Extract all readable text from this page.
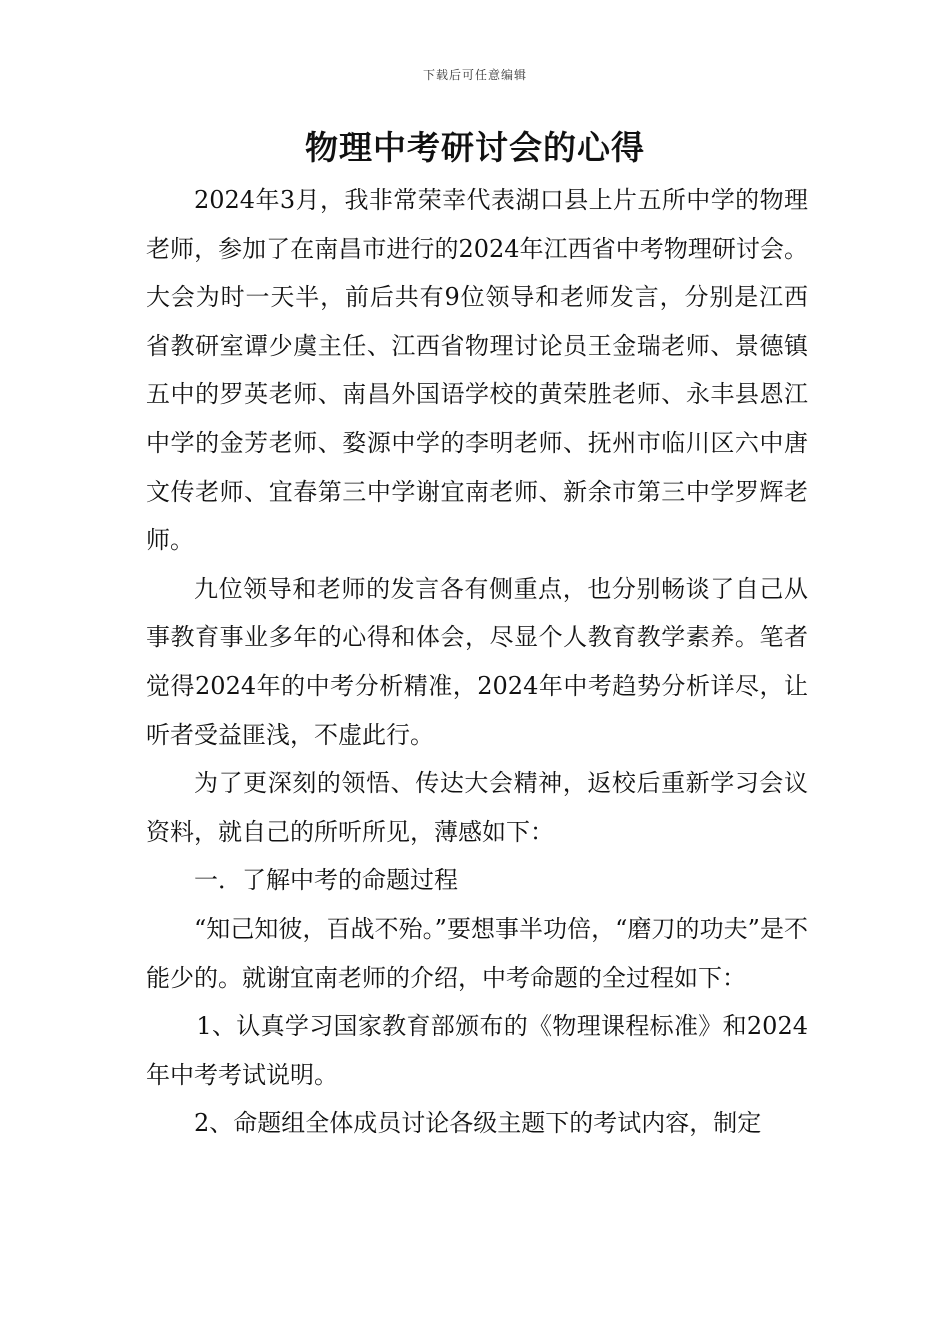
下载后可任意编辑
物理中考研讨会的心得

2024年3月，我非常荣幸代表湖口县上片五所中学的物理老师，参加了在南昌市进行的2024年江西省中考物理研讨会。大会为时一天半，前后共有9位领导和老师发言，分别是江西省教研室谭少虞主任、江西省物理讨论员王金瑞老师、景德镇五中的罗英老师、南昌外国语学校的黄荣胜老师、永丰县恩江中学的金芳老师、婺源中学的李明老师、抚州市临川区六中唐文传老师、宜春第三中学谢宜南老师、新余市第三中学罗辉老师。

九位领导和老师的发言各有侧重点，也分别畅谈了自己从事教育事业多年的心得和体会，尽显个人教育教学素养。笔者觉得2024年的中考分析精准，2024年中考趋势分析详尽，让听者受益匪浅，不虚此行。

为了更深刻的领悟、传达大会精神，返校后重新学习会议资料，就自己的所听所见，薄感如下：

一．了解中考的命题过程

“知己知彼，百战不殆。”要想事半功倍，“磨刀的功夫”是不能少的。就谢宜南老师的介绍，中考命题的全过程如下：

1、认真学习国家教育部颁布的《物理课程标准》和2024年中考考试说明。

2、命题组全体成员讨论各级主题下的考试内容，制定
